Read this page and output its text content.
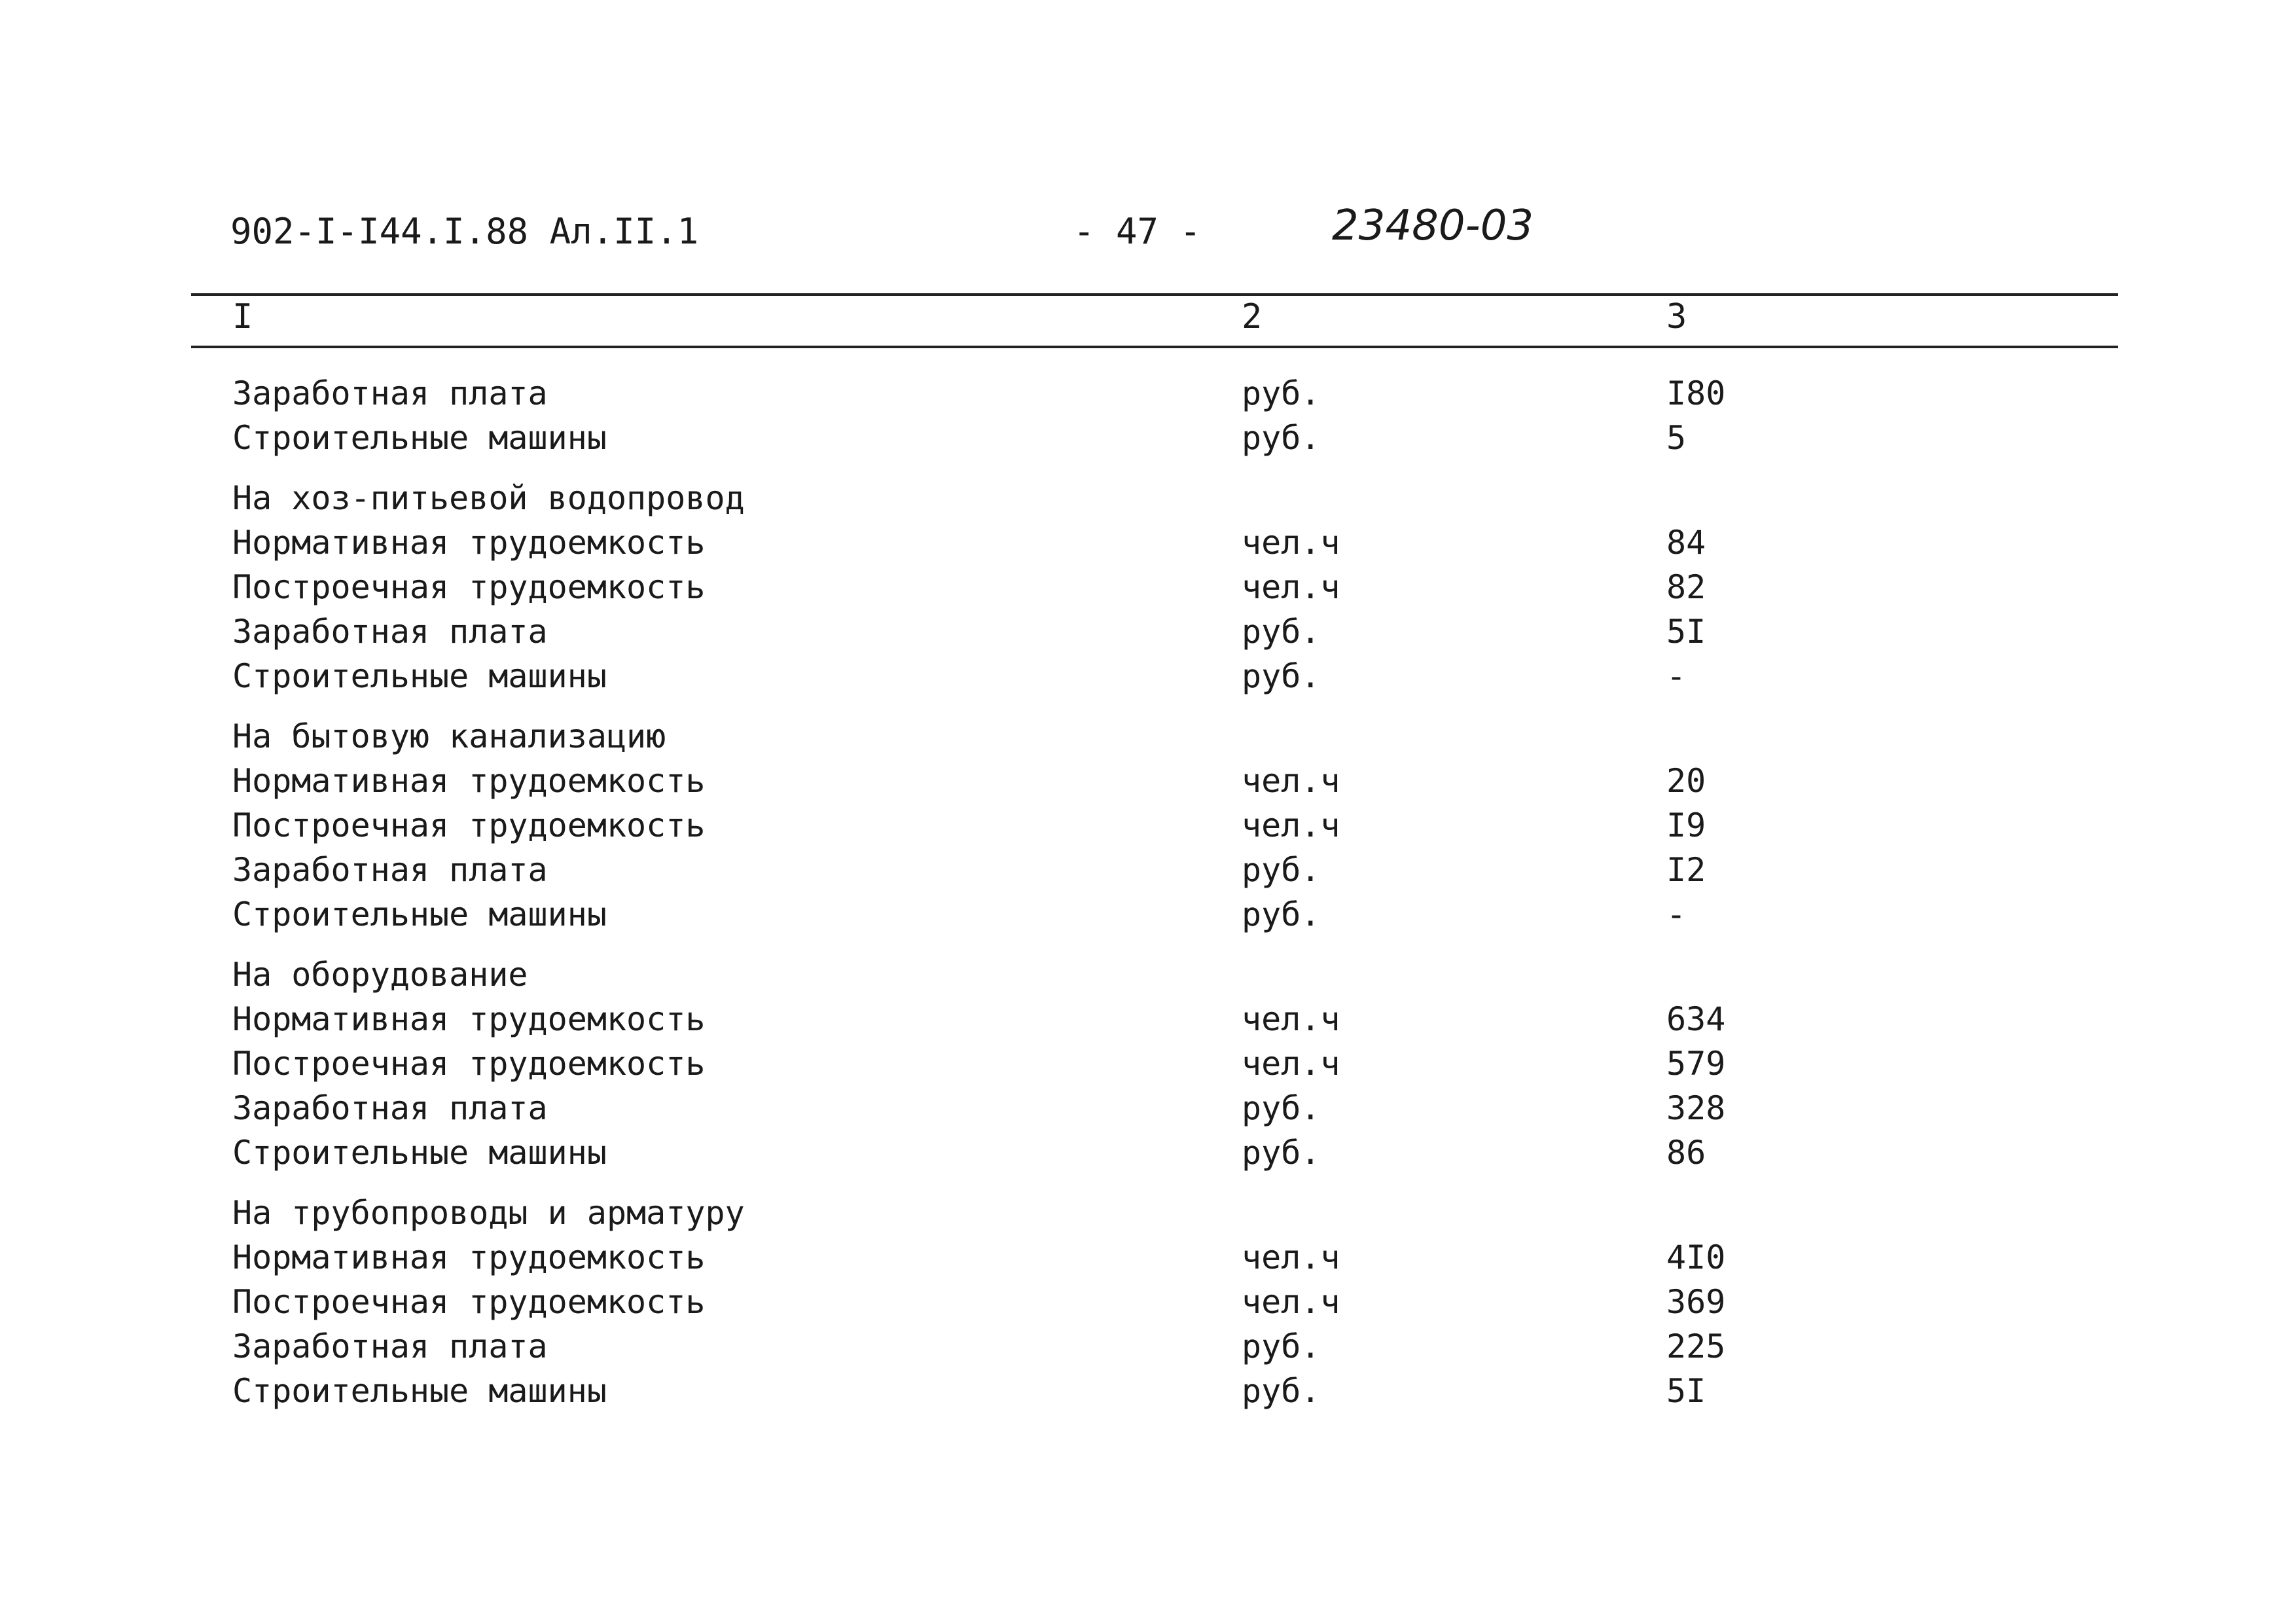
902-I-I44.I.88 Ал.II.1	- 47 -	23480-03
I	2	3
Заработная плата	руб.	I80
Строительные машины	руб.	5
На хоз-питьевой водопровод
Нормативная трудоемкость	чел.ч	84
Построечная трудоемкость	чел.ч	82
Заработная плата	руб.	5I
Строительные машины	руб.	-
На бытовую канализацию
Нормативная трудоемкость	чел.ч	20
Построечная трудоемкость	чел.ч	I9
Заработная плата	руб.	I2
Строительные машины	руб.	-
На оборудование
Нормативная трудоемкость	чел.ч	634
Построечная трудоемкость	чел.ч	579
Заработная плата	руб.	328
Строительные машины	руб.	86
На трубопроводы и арматуру
Нормативная трудоемкость	чел.ч	4I0
Построечная трудоемкость	чел.ч	369
Заработная плата	руб.	225
Строительные машины	руб.	5I
